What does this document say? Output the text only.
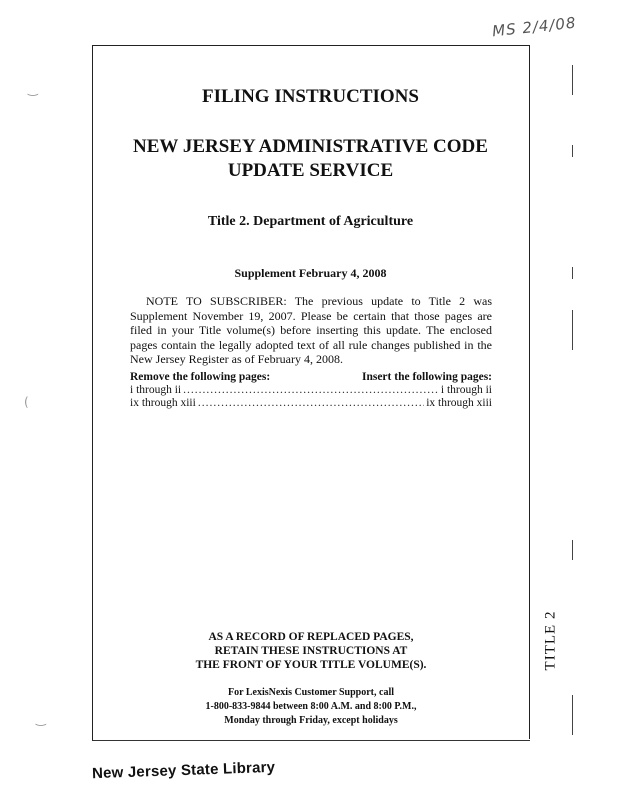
MS 2/4/08
‿
(
‿
TITLE 2
FILING INSTRUCTIONS
NEW JERSEY ADMINISTRATIVE CODE
UPDATE SERVICE
Title 2. Department of Agriculture
Supplement February 4, 2008
NOTE TO SUBSCRIBER: The previous update to Title 2 was Supplement November 19, 2007. Please be certain that those pages are filed in your Title volume(s) before inserting this update. The enclosed pages contain the legally adopted text of all rule changes published in the New Jersey Register as of February 4, 2008.
Remove the following pages:	Insert the following pages:
i through ii .....	i through ii
ix through xiii .....	ix through xiii
AS A RECORD OF REPLACED PAGES,
RETAIN THESE INSTRUCTIONS AT
THE FRONT OF YOUR TITLE VOLUME(S).
For LexisNexis Customer Support, call
1-800-833-9844 between 8:00 A.M. and 8:00 P.M.,
Monday through Friday, except holidays
New Jersey State Library
